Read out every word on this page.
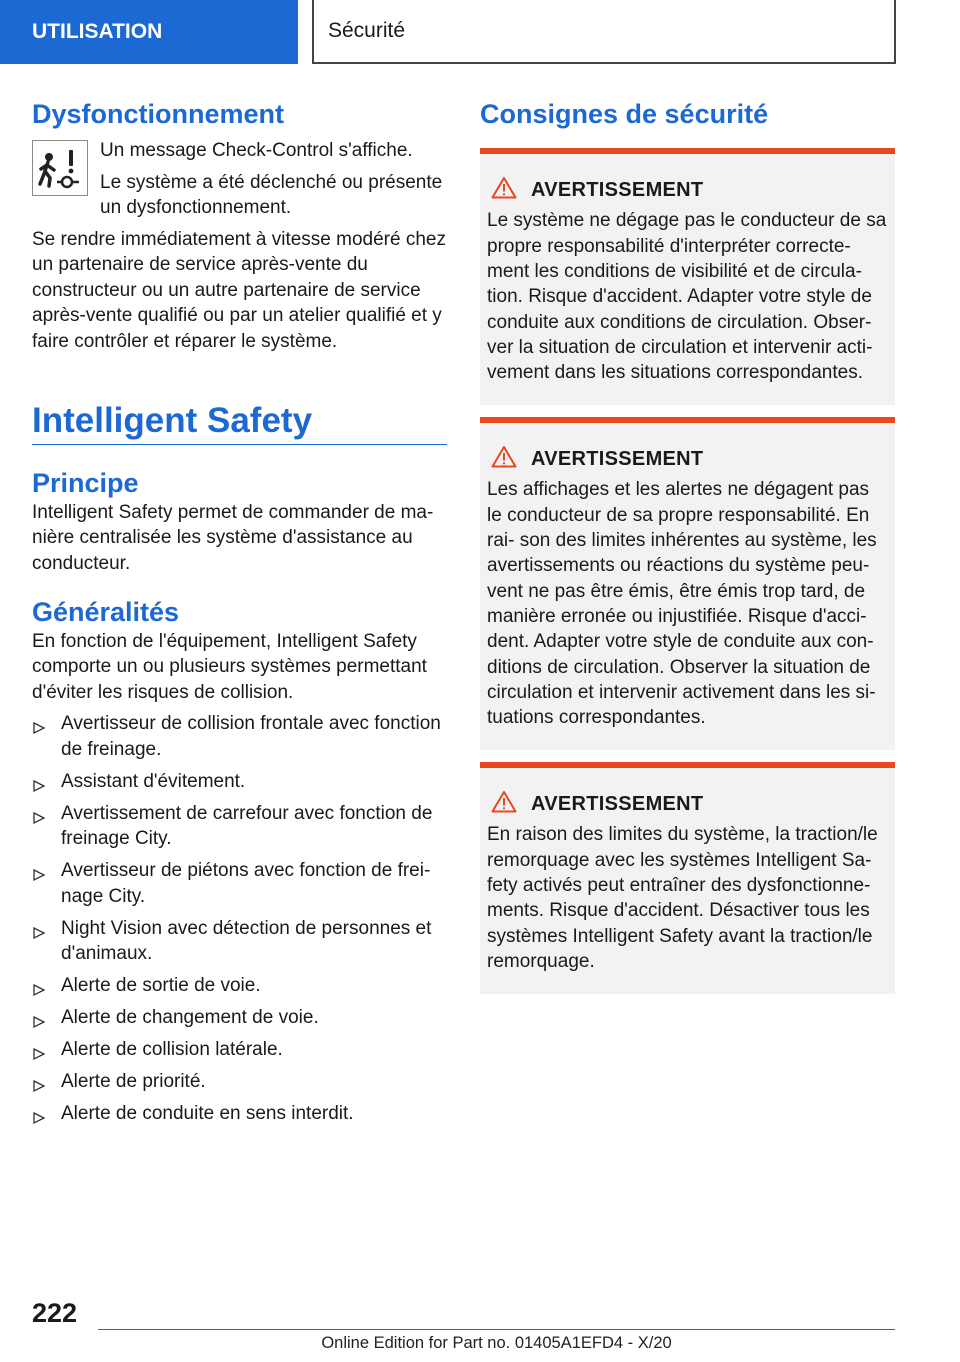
UTILISATION	Sécurité
Dysfonctionnement

Un message Check-Control s'affiche.

Le système a été déclenché ou présente un dysfonctionnement.

Se rendre immédiatement à vitesse modéré chez un partenaire de service après-vente du constructeur ou un autre partenaire de service après-vente qualifié ou par un atelier qualifié et y faire contrôler et réparer le système.

Intelligent Safety
Principe

Intelligent Safety permet de commander de ma- nière centralisée les système d'assistance au conducteur.

Généralités

En fonction de l'équipement, Intelligent Safety comporte un ou plusieurs systèmes permettant d'éviter les risques de collision.

Avertisseur de collision frontale avec fonction de freinage.
Assistant d'évitement.
Avertissement de carrefour avec fonction de freinage City.
Avertisseur de piétons avec fonction de frei- nage City.
Night Vision avec détection de personnes et d'animaux.
Alerte de sortie de voie.
Alerte de changement de voie.
Alerte de collision latérale.
Alerte de priorité.
Alerte de conduite en sens interdit.
Consignes de sécurité
AVERTISSEMENT

Le système ne dégage pas le conducteur de sa propre responsabilité d'interpréter correcte- ment les conditions de visibilité et de circula- tion. Risque d'accident. Adapter votre style de conduite aux conditions de circulation. Obser- ver la situation de circulation et intervenir acti- vement dans les situations correspondantes.

AVERTISSEMENT

Les affichages et les alertes ne dégagent pas le conducteur de sa propre responsabilité. En rai- son des limites inhérentes au système, les avertissements ou réactions du système peu- vent ne pas être émis, être émis trop tard, de manière erronée ou injustifiée. Risque d'acci- dent. Adapter votre style de conduite aux con- ditions de circulation. Observer la situation de circulation et intervenir activement dans les si- tuations correspondantes.

AVERTISSEMENT

En raison des limites du système, la traction/le remorquage avec les systèmes Intelligent Sa- fety activés peut entraîner des dysfonctionne- ments. Risque d'accident. Désactiver tous les systèmes Intelligent Safety avant la traction/le remorquage.

222
Online Edition for Part no. 01405A1EFD4 - X/20
